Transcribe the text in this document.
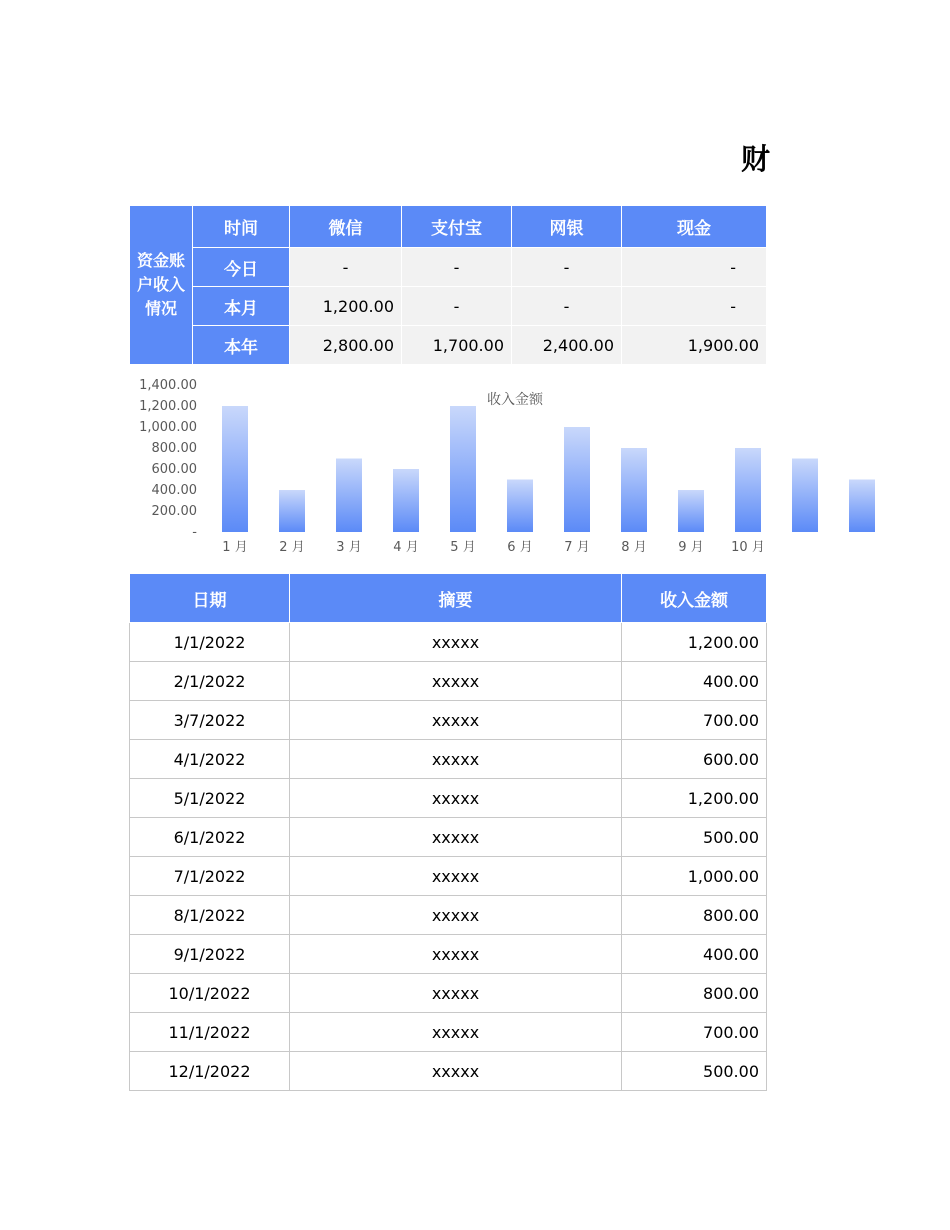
财
资金账户收入情况	时间	微信	支付宝	网银	现金
	今日	-	-	-	-
	本月	1,200.00	-	-	-
	本年	2,800.00	1,700.00	2,400.00	1,900.00
收入金额
-
200.00
400.00
600.00
800.00
1,000.00
1,200.00
1,400.00
1 月 2 月 3 月 4 月 5 月 6 月 7 月 8 月 9 月 10 月
日期	摘要	收入金额
1/1/2022	xxxxx	1,200.00
2/1/2022	xxxxx	400.00
3/7/2022	xxxxx	700.00
4/1/2022	xxxxx	600.00
5/1/2022	xxxxx	1,200.00
6/1/2022	xxxxx	500.00
7/1/2022	xxxxx	1,000.00
8/1/2022	xxxxx	800.00
9/1/2022	xxxxx	400.00
10/1/2022	xxxxx	800.00
11/1/2022	xxxxx	700.00
12/1/2022	xxxxx	500.00
